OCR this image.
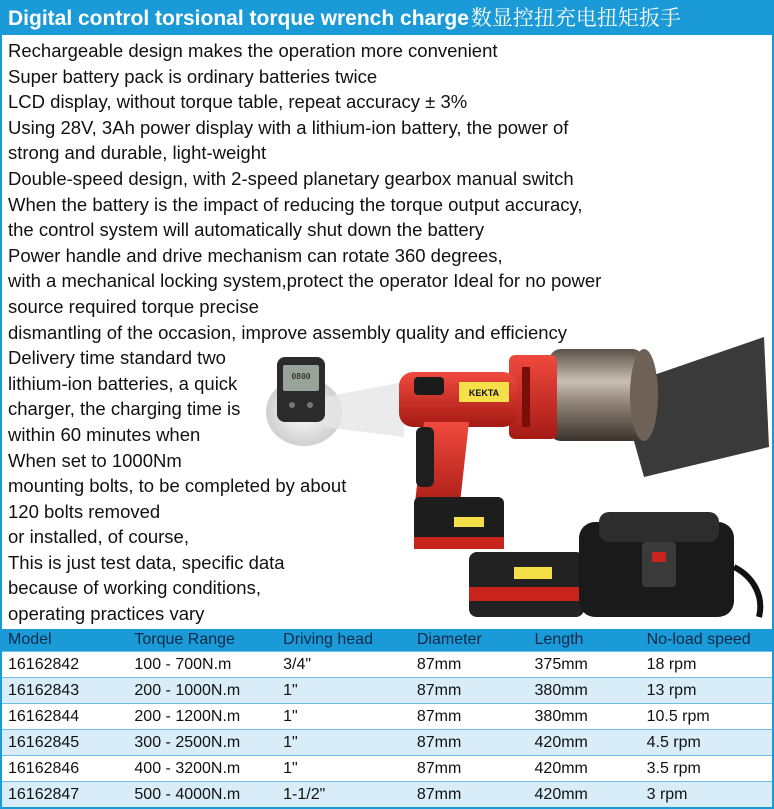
Digital control torsional torque wrench charge数显控扭充电扭矩扳手
Rechargeable design makes the operation more convenient
Super battery pack is ordinary batteries twice
LCD display, without torque table, repeat accuracy ± 3%
Using 28V, 3Ah power display with a lithium-ion battery, the power of
strong and durable, light-weight
Double-speed design, with 2-speed planetary gearbox manual switch
When the battery is the impact of reducing the torque output accuracy,
the control system will automatically shut down the battery
Power handle and drive mechanism can rotate 360 degrees,
with a mechanical locking system,protect the operator Ideal for no power
source required torque precise
dismantling of the occasion, improve assembly quality and efficiency
Delivery time standard two
lithium-ion batteries, a quick
charger, the charging time is
within 60 minutes when
When set to 1000Nm
mounting bolts, to be completed by about
120 bolts removed
or installed, of course,
This is just test data, specific data
because of working conditions,
operating practices vary
0800
KEKTA
Model	Torque Range	Driving head	Diameter	Length	No-load speed
16162842	100 - 700N.m	3/4"	87mm	375mm	18 rpm
16162843	200 - 1000N.m	1"	87mm	380mm	13 rpm
16162844	200 - 1200N.m	1"	87mm	380mm	10.5 rpm
16162845	300 - 2500N.m	1"	87mm	420mm	4.5 rpm
16162846	400 - 3200N.m	1"	87mm	420mm	3.5 rpm
16162847	500 - 4000N.m	1-1/2"	87mm	420mm	3 rpm
